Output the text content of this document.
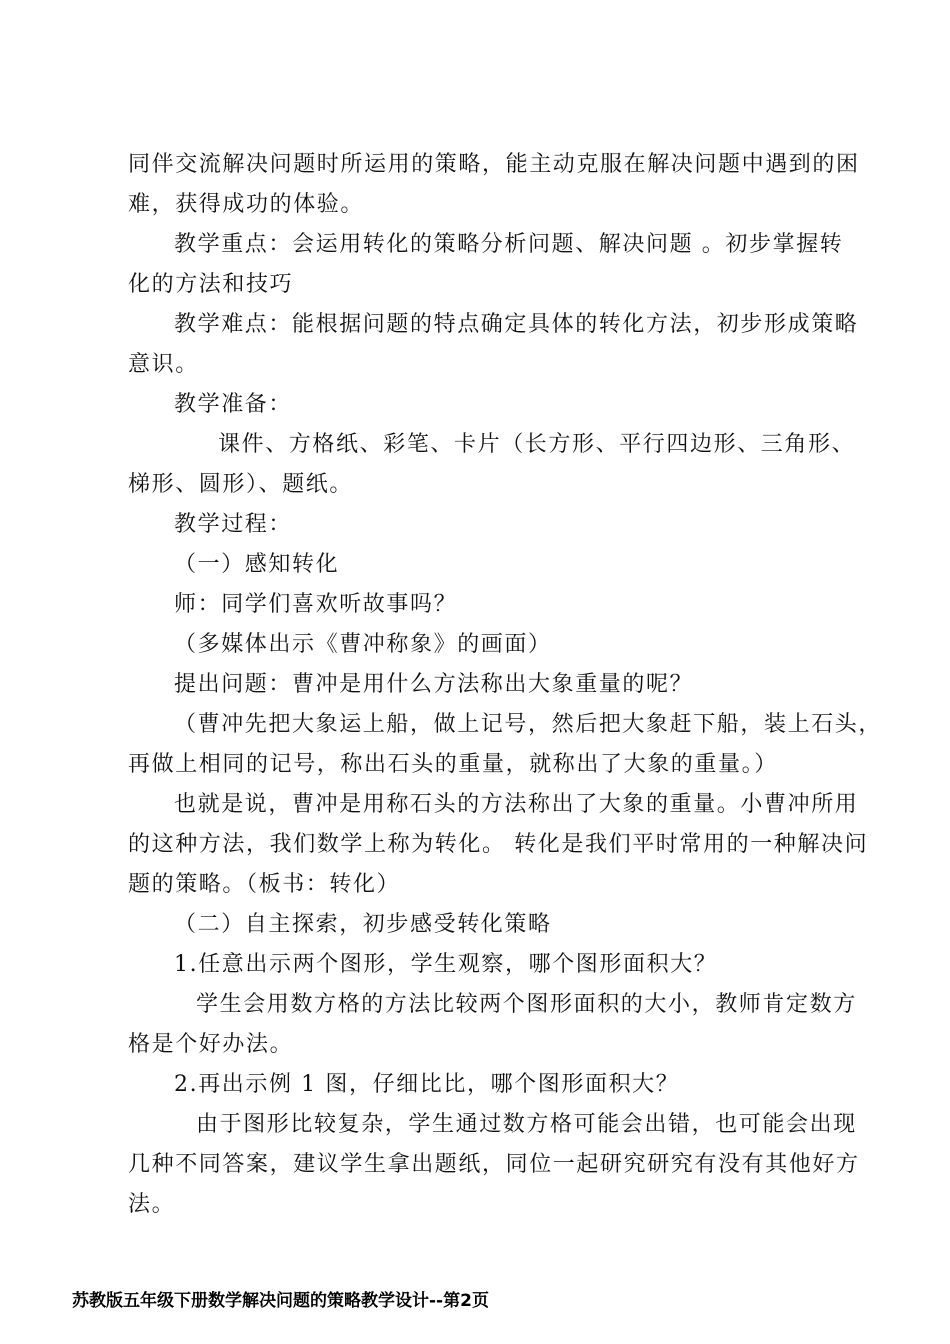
同伴交流解决问题时所运用的策略，能主动克服在解决问题中遇到的困
难，获得成功的体验。
教学重点：会运用转化的策略分析问题、解决问题 。初步掌握转
化的方法和技巧
教学难点：能根据问题的特点确定具体的转化方法，初步形成策略
意识。
教学准备：
课件、方格纸、彩笔、卡片（长方形、平行四边形、三角形、
梯形、圆形）、题纸。
教学过程：
（一）感知转化
师：同学们喜欢听故事吗？
（多媒体出示《曹冲称象》的画面）
提出问题：曹冲是用什么方法称出大象重量的呢？
（曹冲先把大象运上船，做上记号，然后把大象赶下船，装上石头，
再做上相同的记号，称出石头的重量，就称出了大象的重量。）
也就是说，曹冲是用称石头的方法称出了大象的重量。小曹冲所用
的这种方法，我们数学上称为转化。 转化是我们平时常用的一种解决问
题的策略。（板书：转化）
（二）自主探索，初步感受转化策略
1.任意出示两个图形，学生观察，哪个图形面积大？
学生会用数方格的方法比较两个图形面积的大小，教师肯定数方
格是个好办法。
2.再出示例 1 图，仔细比比，哪个图形面积大？
由于图形比较复杂，学生通过数方格可能会出错，也可能会出现
几种不同答案，建议学生拿出题纸，同位一起研究研究有没有其他好方
法。
苏教版五年级下册数学解决问题的策略教学设计--第2页
